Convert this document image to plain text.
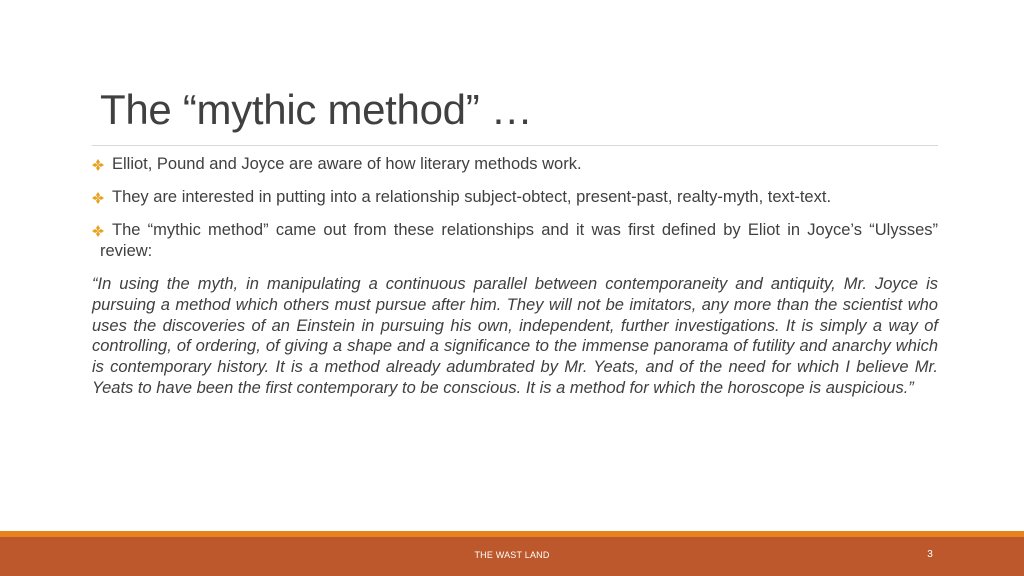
The “mythic method” …
Elliot, Pound and Joyce are aware of how literary methods work.
They are interested in putting into a relationship subject-obtect, present-past, realty-myth, text-text.
The “mythic method” came out from these relationships and it was first defined by Eliot in Joyce’s “Ulysses” review:
“In using the myth, in manipulating a continuous parallel between contemporaneity and antiquity, Mr. Joyce is pursuing a method which others must pursue after him. They will not be imitators, any more than the scientist who uses the discoveries of an Einstein in pursuing his own, independent, further investigations. It is simply a way of controlling, of ordering, of giving a shape and a significance to the immense panorama of futility and anarchy which is contemporary history. It is a method already adumbrated by Mr. Yeats, and of the need for which I believe Mr. Yeats to have been the first contemporary to be conscious. It is a method for which the horoscope is auspicious.”
THE WAST LAND	3
